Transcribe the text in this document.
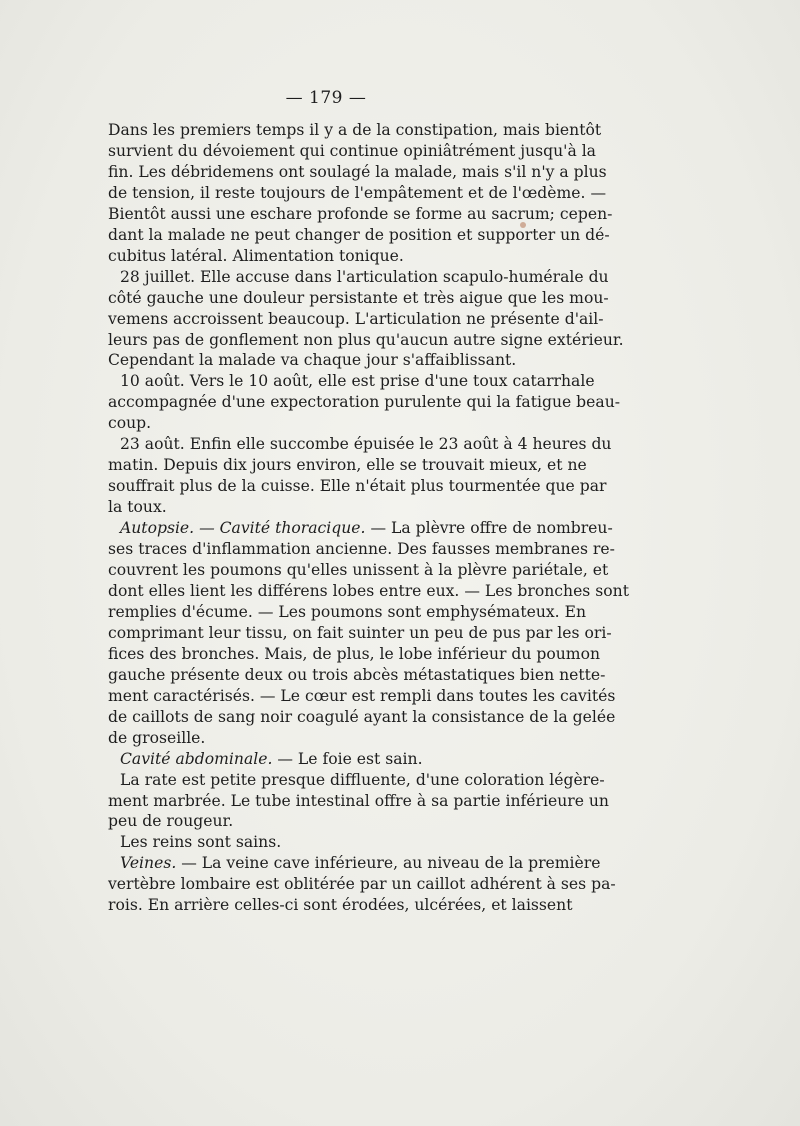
— 179 —
Dans les premiers temps il y a de la constipation, mais bientôt
survient du dévoiement qui continue opiniâtrément jusqu'à la
fin. Les débridemens ont soulagé la malade, mais s'il n'y a plus
de tension, il reste toujours de l'empâtement et de l'œdème. —
Bientôt aussi une eschare profonde se forme au sacrum; cepen-
dant la malade ne peut changer de position et supporter un dé-
cubitus latéral. Alimentation tonique.
28 juillet. Elle accuse dans l'articulation scapulo-humérale du
côté gauche une douleur persistante et très aigue que les mou-
vemens accroissent beaucoup. L'articulation ne présente d'ail-
leurs pas de gonflement non plus qu'aucun autre signe extérieur.
Cependant la malade va chaque jour s'affaiblissant.
10 août. Vers le 10 août, elle est prise d'une toux catarrhale
accompagnée d'une expectoration purulente qui la fatigue beau-
coup.
23 août. Enfin elle succombe épuisée le 23 août à 4 heures du
matin. Depuis dix jours environ, elle se trouvait mieux, et ne
souffrait plus de la cuisse. Elle n'était plus tourmentée que par
la toux.
Autopsie. — Cavité thoracique. — La plèvre offre de nombreu-
ses traces d'inflammation ancienne. Des fausses membranes re-
couvrent les poumons qu'elles unissent à la plèvre pariétale, et
dont elles lient les différens lobes entre eux. — Les bronches sont
remplies d'écume. — Les poumons sont emphysémateux. En
comprimant leur tissu, on fait suinter un peu de pus par les ori-
fices des bronches. Mais, de plus, le lobe inférieur du poumon
gauche présente deux ou trois abcès métastatiques bien nette-
ment caractérisés. — Le cœur est rempli dans toutes les cavités
de caillots de sang noir coagulé ayant la consistance de la gelée
de groseille.
Cavité abdominale. — Le foie est sain.
La rate est petite presque diffluente, d'une coloration légère-
ment marbrée. Le tube intestinal offre à sa partie inférieure un
peu de rougeur.
Les reins sont sains.
Veines. — La veine cave inférieure, au niveau de la première
vertèbre lombaire est oblitérée par un caillot adhérent à ses pa-
rois. En arrière celles-ci sont érodées, ulcérées, et laissent
